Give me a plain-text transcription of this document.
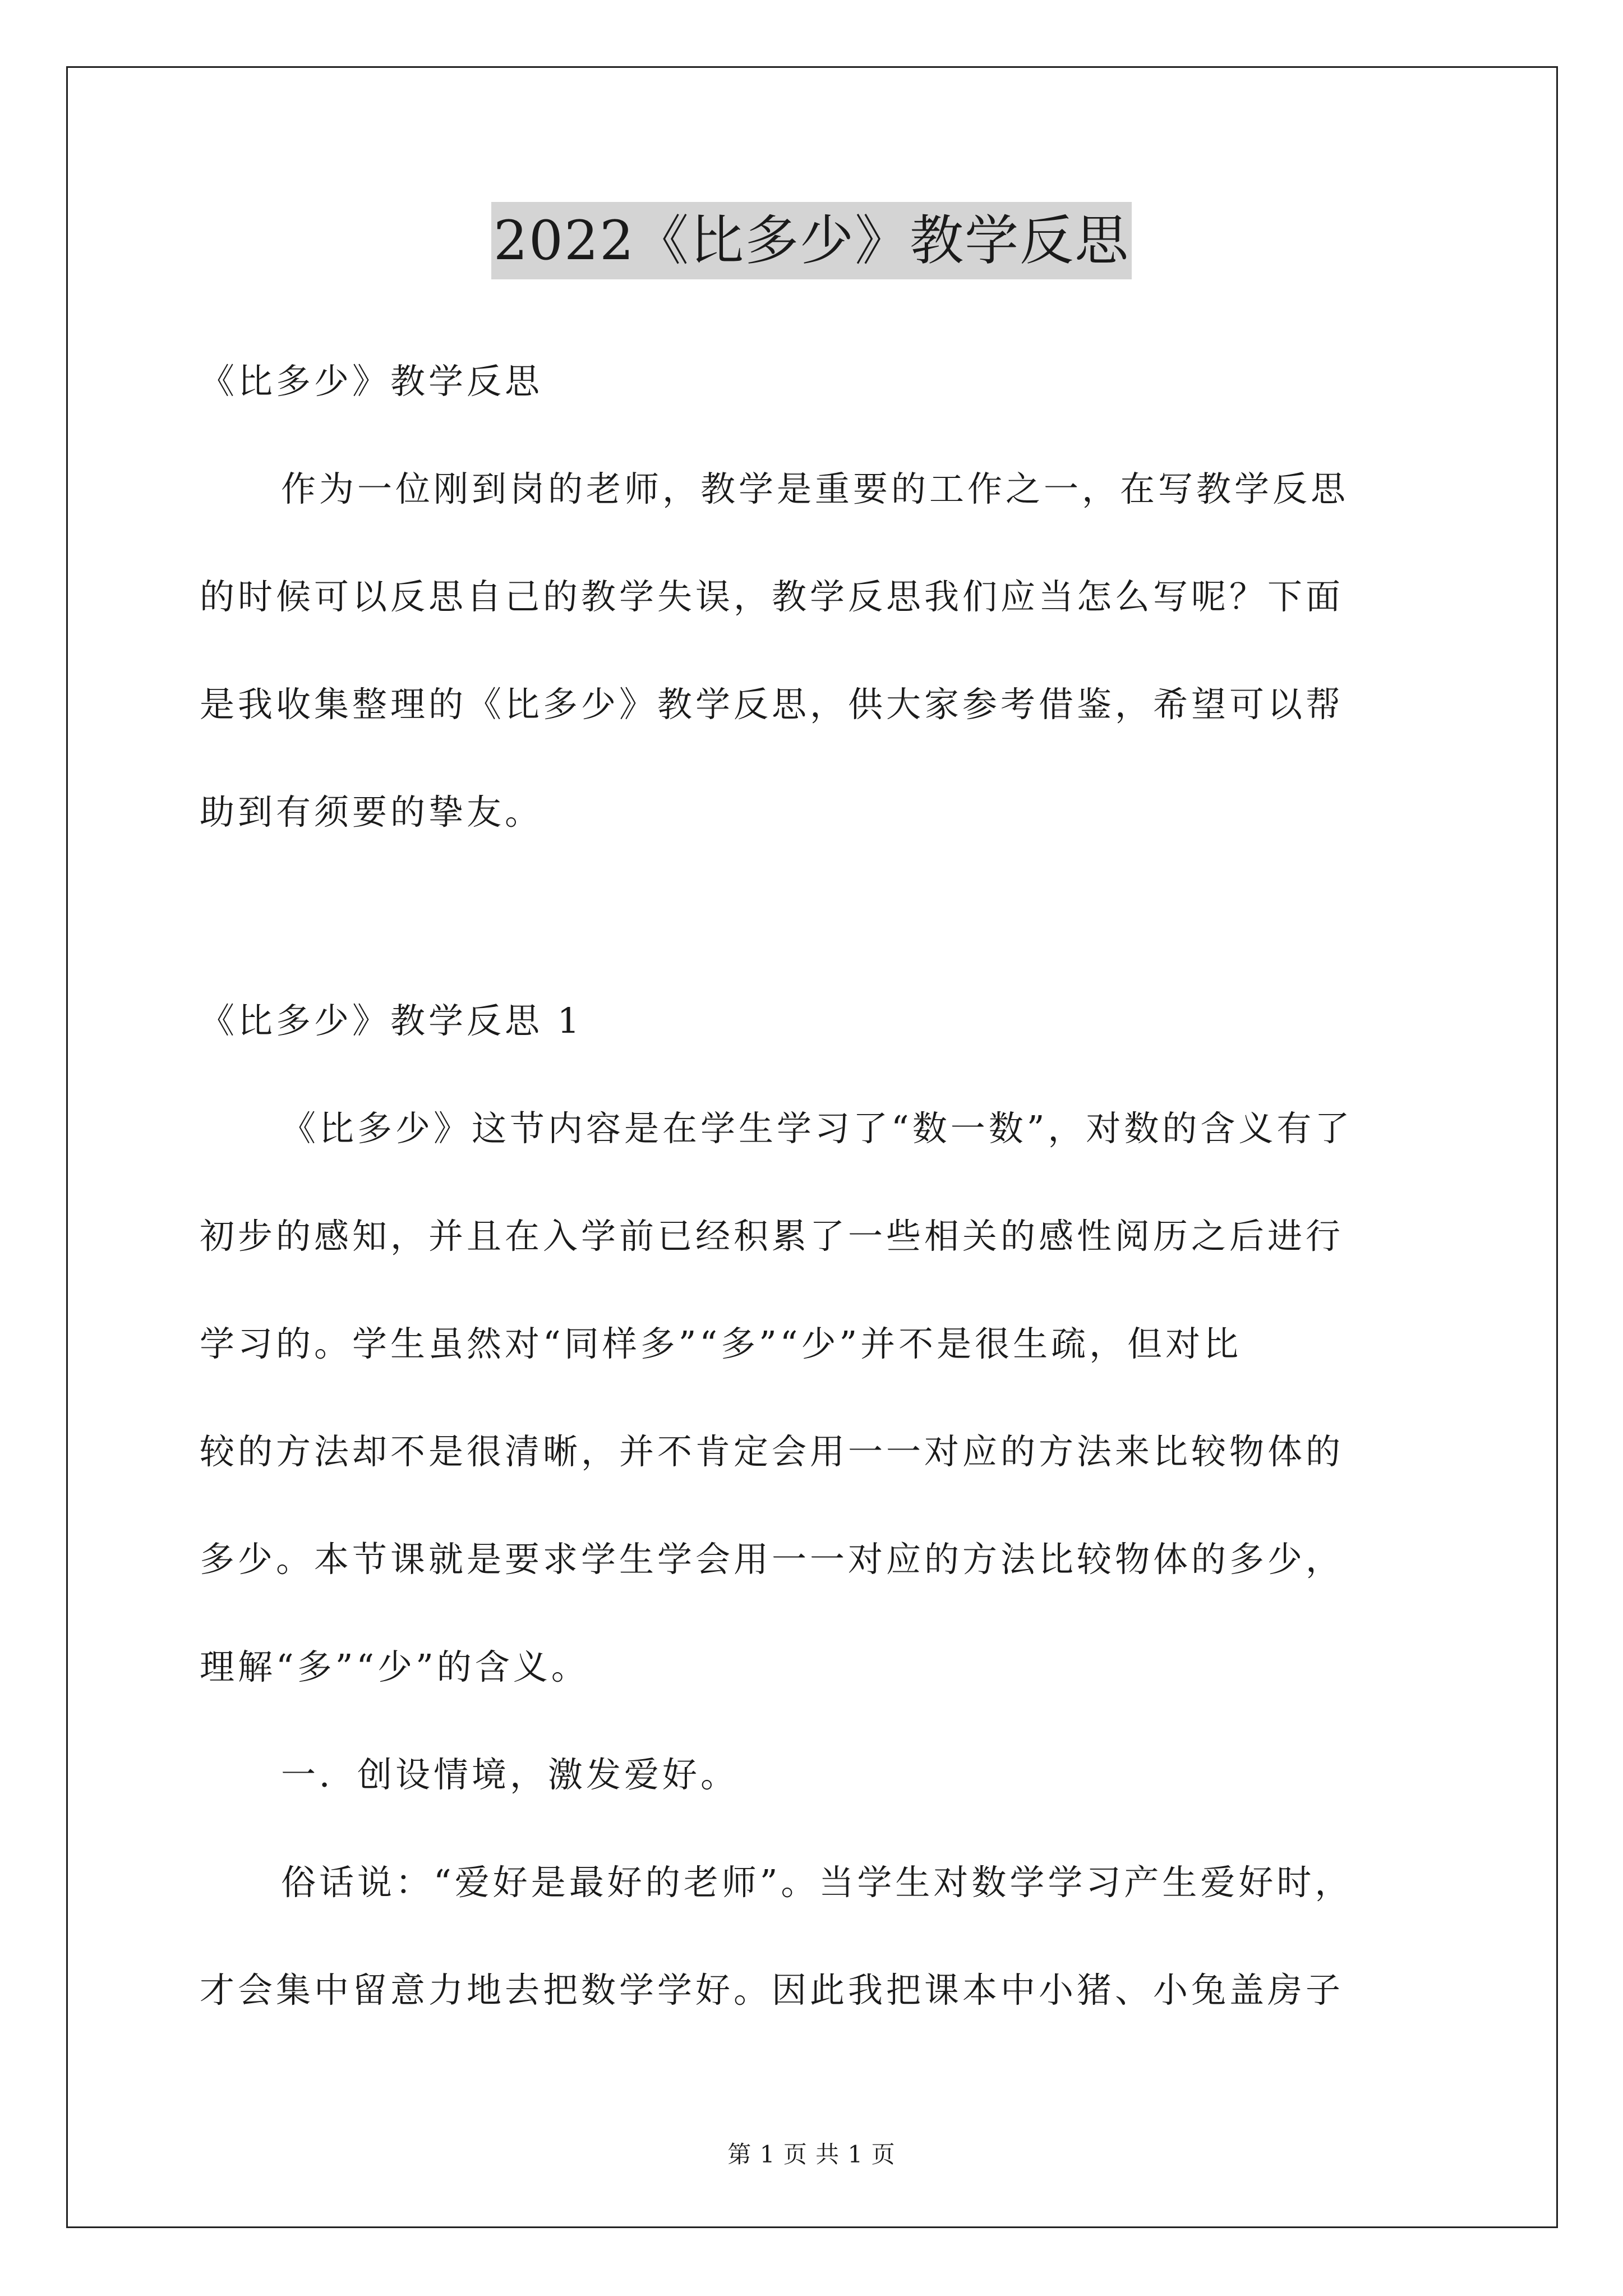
2022《比多少》教学反思
《比多少》教学反思
作为一位刚到岗的老师，教学是重要的工作之一，在写教学反思
的时候可以反思自己的教学失误，教学反思我们应当怎么写呢？下面
是我收集整理的《比多少》教学反思，供大家参考借鉴，希望可以帮
助到有须要的挚友。
《比多少》教学反思 1
《比多少》这节内容是在学生学习了“数一数”，对数的含义有了
初步的感知，并且在入学前已经积累了一些相关的感性阅历之后进行
学习的。学生虽然对“同样多”“多”“少”并不是很生疏，但对比
较的方法却不是很清晰，并不肯定会用一一对应的方法来比较物体的
多少。本节课就是要求学生学会用一一对应的方法比较物体的多少，
理解“多”“少”的含义。
一．创设情境，激发爱好。
俗话说：“爱好是最好的老师”。当学生对数学学习产生爱好时，
才会集中留意力地去把数学学好。因此我把课本中小猪、小兔盖房子
第 1 页 共 1 页
